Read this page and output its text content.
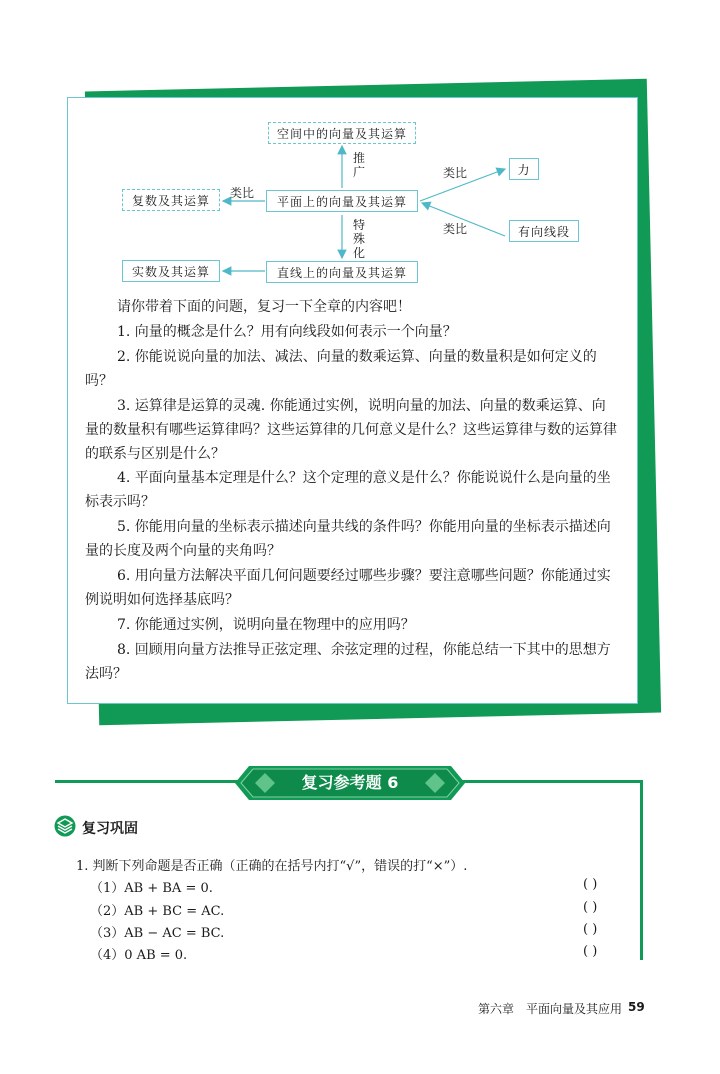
空间中的向量及其运算
平面上的向量及其运算
直线上的向量及其运算
复数及其运算
实数及其运算
力
有向线段
类比
类比
类比
推广
特殊化
请你带着下面的问题，复习一下全章的内容吧！
1. 向量的概念是什么？用有向线段如何表示一个向量？
2. 你能说说向量的加法、减法、向量的数乘运算、向量的数量积是如何定义的吗？
3. 运算律是运算的灵魂. 你能通过实例，说明向量的加法、向量的数乘运算、向量的数量积有哪些运算律吗？这些运算律的几何意义是什么？这些运算律与数的运算律的联系与区别是什么？
4. 平面向量基本定理是什么？这个定理的意义是什么？你能说说什么是向量的坐标表示吗？
5. 你能用向量的坐标表示描述向量共线的条件吗？你能用向量的坐标表示描述向量的长度及两个向量的夹角吗？
6. 用向量方法解决平面几何问题要经过哪些步骤？要注意哪些问题？你能通过实例说明如何选择基底吗？
7. 你能通过实例，说明向量在物理中的应用吗？
8. 回顾用向量方法推导正弦定理、余弦定理的过程，你能总结一下其中的思想方法吗？
复习参考题 6
复习巩固
1. 判断下列命题是否正确（正确的在括号内打“√”，错误的打“×”）.
（1）AB + BA = 0.
（2）AB + BC = AC.
（3）AB − AC = BC.
（4）0 AB = 0.
( )
( )
( )
( )
第六章　平面向量及其应用 59
